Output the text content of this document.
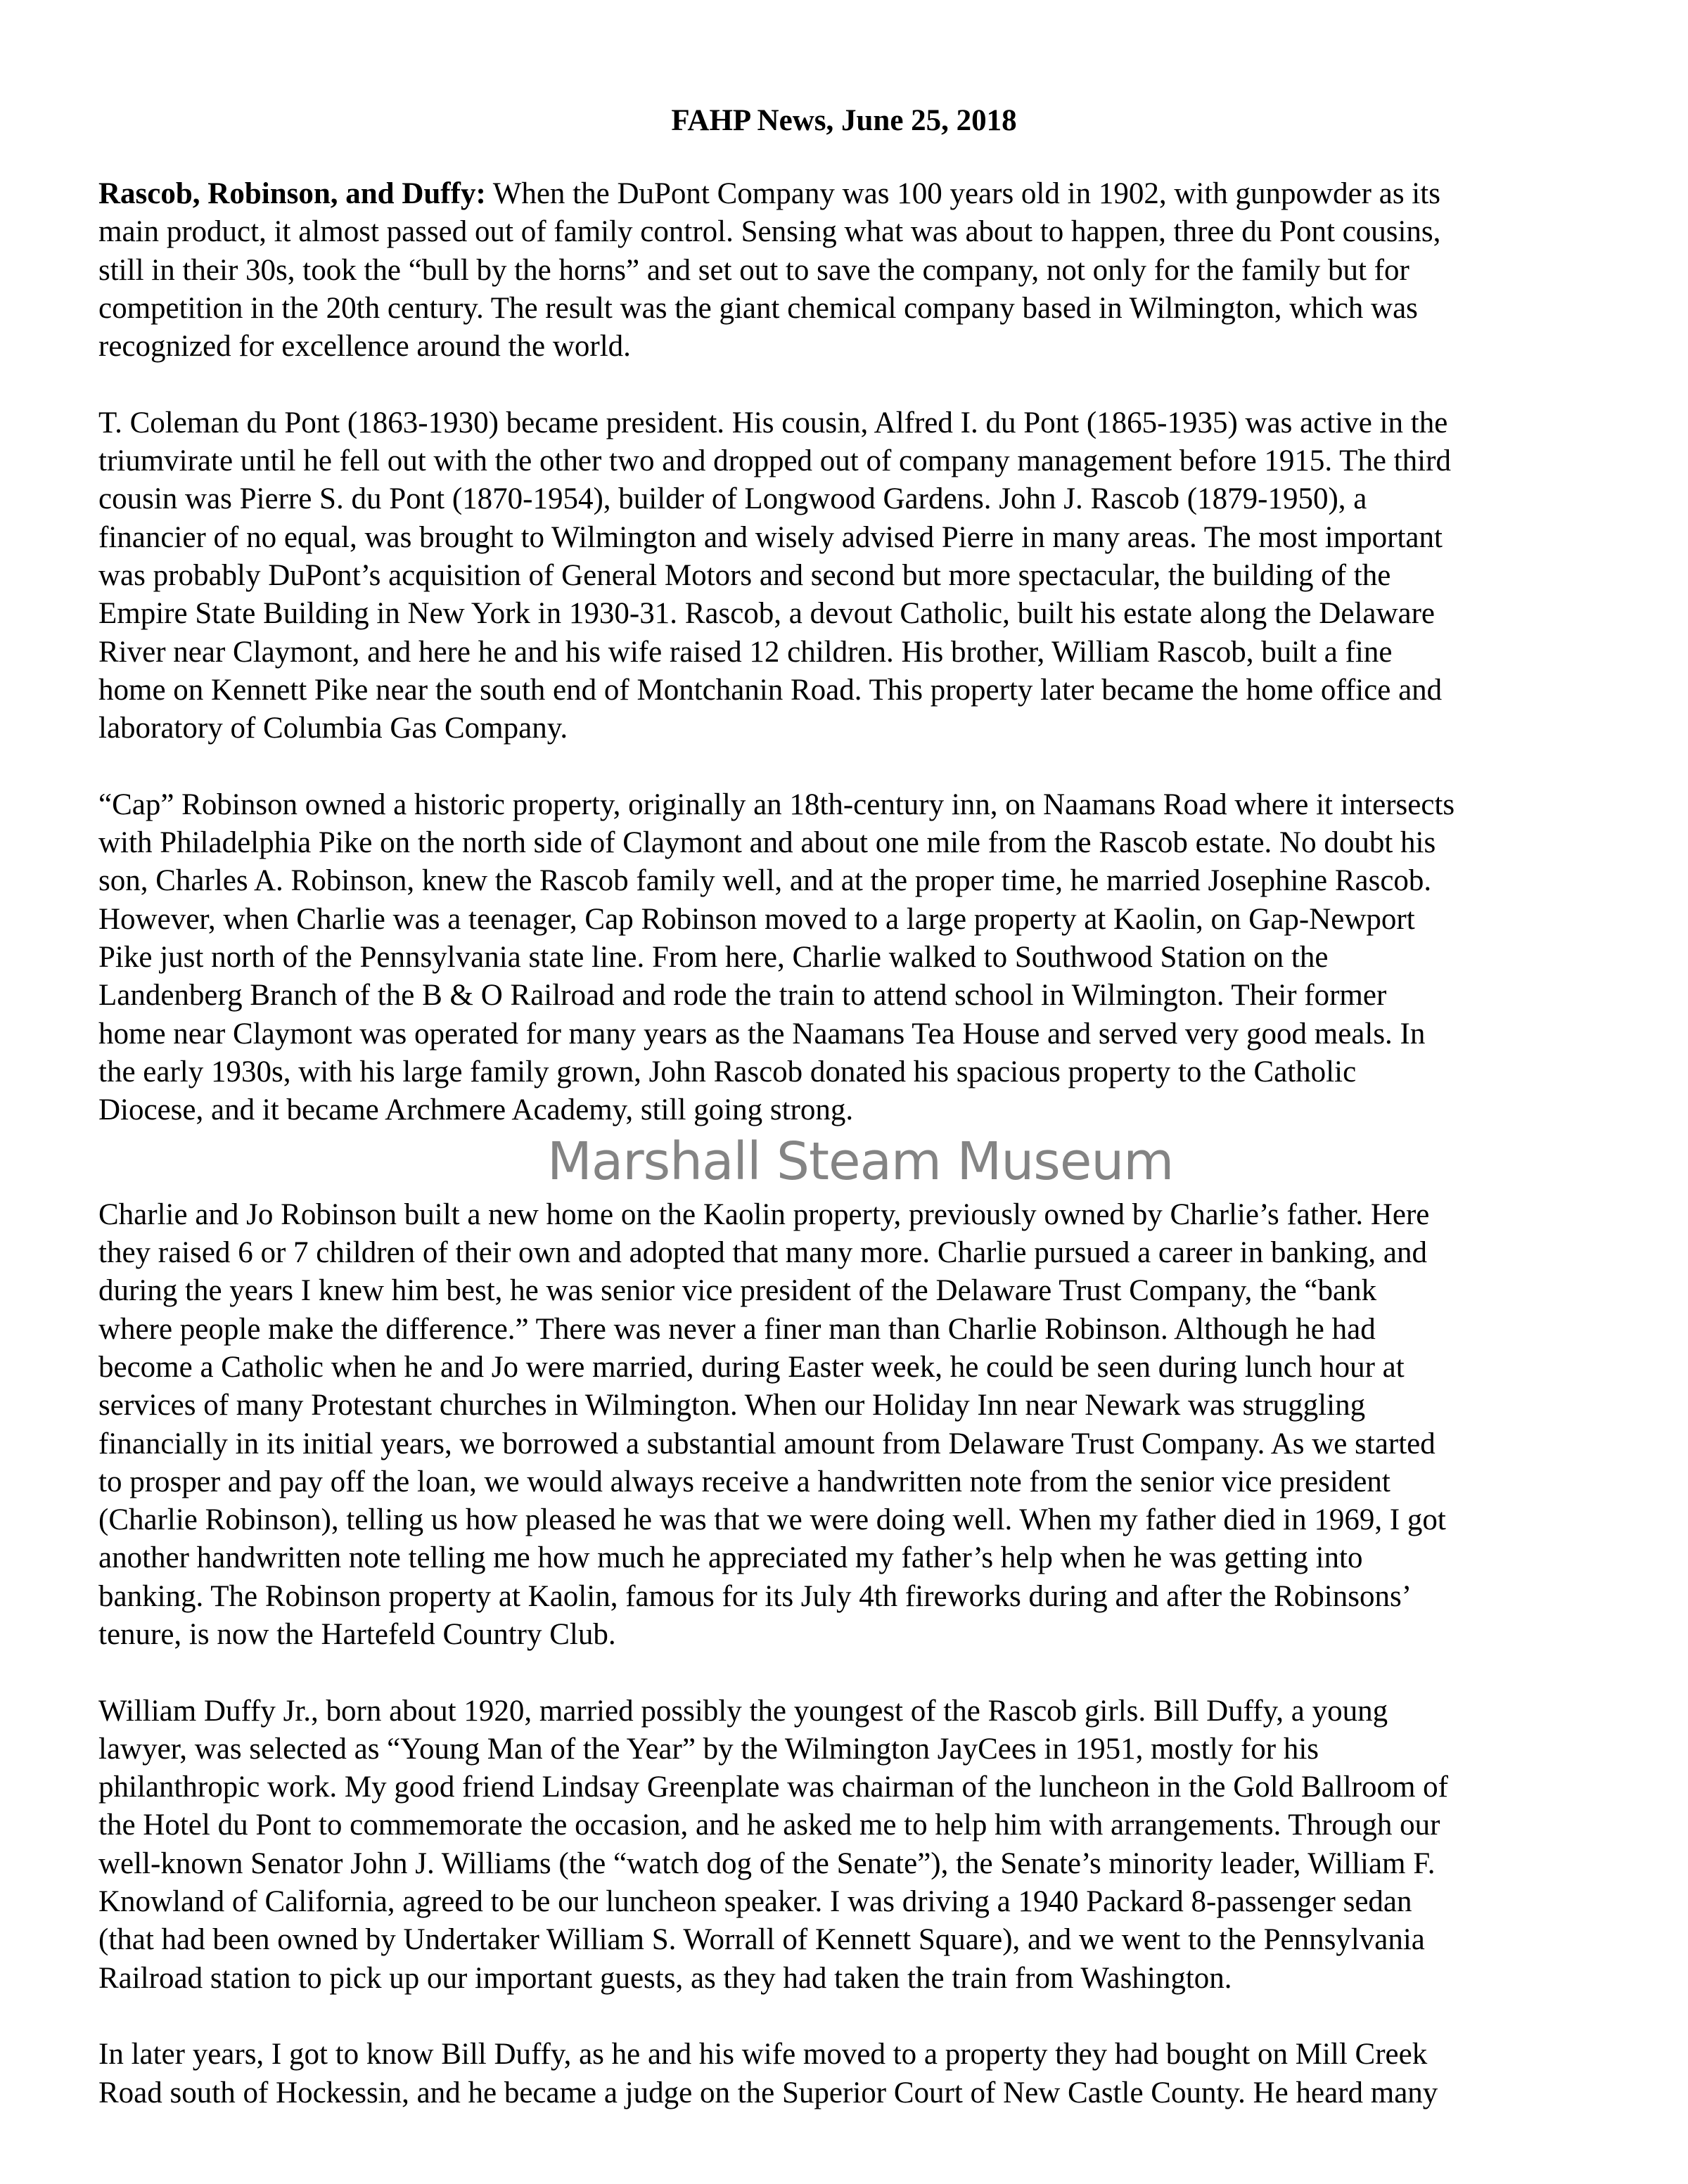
FAHP News, June 25, 2018
Rascob, Robinson, and Duffy: When the DuPont Company was 100 years old in 1902, with gunpowder as its
main product, it almost passed out of family control. Sensing what was about to happen, three du Pont cousins,
still in their 30s, took the “bull by the horns” and set out to save the company, not only for the family but for
competition in the 20th century. The result was the giant chemical company based in Wilmington, which was
recognized for excellence around the world.
T. Coleman du Pont (1863-1930) became president. His cousin, Alfred I. du Pont (1865-1935) was active in the
triumvirate until he fell out with the other two and dropped out of company management before 1915. The third
cousin was Pierre S. du Pont (1870-1954), builder of Longwood Gardens. John J. Rascob (1879-1950), a
financier of no equal, was brought to Wilmington and wisely advised Pierre in many areas. The most important
was probably DuPont’s acquisition of General Motors and second but more spectacular, the building of the
Empire State Building in New York in 1930-31. Rascob, a devout Catholic, built his estate along the Delaware
River near Claymont, and here he and his wife raised 12 children. His brother, William Rascob, built a fine
home on Kennett Pike near the south end of Montchanin Road. This property later became the home office and
laboratory of Columbia Gas Company.
“Cap” Robinson owned a historic property, originally an 18th-century inn, on Naamans Road where it intersects
with Philadelphia Pike on the north side of Claymont and about one mile from the Rascob estate. No doubt his
son, Charles A. Robinson, knew the Rascob family well, and at the proper time, he married Josephine Rascob.
However, when Charlie was a teenager, Cap Robinson moved to a large property at Kaolin, on Gap-Newport
Pike just north of the Pennsylvania state line. From here, Charlie walked to Southwood Station on the
Landenberg Branch of the B & O Railroad and rode the train to attend school in Wilmington. Their former
home near Claymont was operated for many years as the Naamans Tea House and served very good meals. In
the early 1930s, with his large family grown, John Rascob donated his spacious property to the Catholic
Diocese, and it became Archmere Academy, still going strong.
Charlie and Jo Robinson built a new home on the Kaolin property, previously owned by Charlie’s father. Here
they raised 6 or 7 children of their own and adopted that many more. Charlie pursued a career in banking, and
during the years I knew him best, he was senior vice president of the Delaware Trust Company, the “bank
where people make the difference.” There was never a finer man than Charlie Robinson. Although he had
become a Catholic when he and Jo were married, during Easter week, he could be seen during lunch hour at
services of many Protestant churches in Wilmington. When our Holiday Inn near Newark was struggling
financially in its initial years, we borrowed a substantial amount from Delaware Trust Company. As we started
to prosper and pay off the loan, we would always receive a handwritten note from the senior vice president
(Charlie Robinson), telling us how pleased he was that we were doing well. When my father died in 1969, I got
another handwritten note telling me how much he appreciated my father’s help when he was getting into
banking. The Robinson property at Kaolin, famous for its July 4th fireworks during and after the Robinsons’
tenure, is now the Hartefeld Country Club.
William Duffy Jr., born about 1920, married possibly the youngest of the Rascob girls. Bill Duffy, a young
lawyer, was selected as “Young Man of the Year” by the Wilmington JayCees in 1951, mostly for his
philanthropic work. My good friend Lindsay Greenplate was chairman of the luncheon in the Gold Ballroom of
the Hotel du Pont to commemorate the occasion, and he asked me to help him with arrangements. Through our
well-known Senator John J. Williams (the “watch dog of the Senate”), the Senate’s minority leader, William F.
Knowland of California, agreed to be our luncheon speaker. I was driving a 1940 Packard 8-passenger sedan
(that had been owned by Undertaker William S. Worrall of Kennett Square), and we went to the Pennsylvania
Railroad station to pick up our important guests, as they had taken the train from Washington.
In later years, I got to know Bill Duffy, as he and his wife moved to a property they had bought on Mill Creek
Road south of Hockessin, and he became a judge on the Superior Court of New Castle County. He heard many
Marshall Steam Museum
